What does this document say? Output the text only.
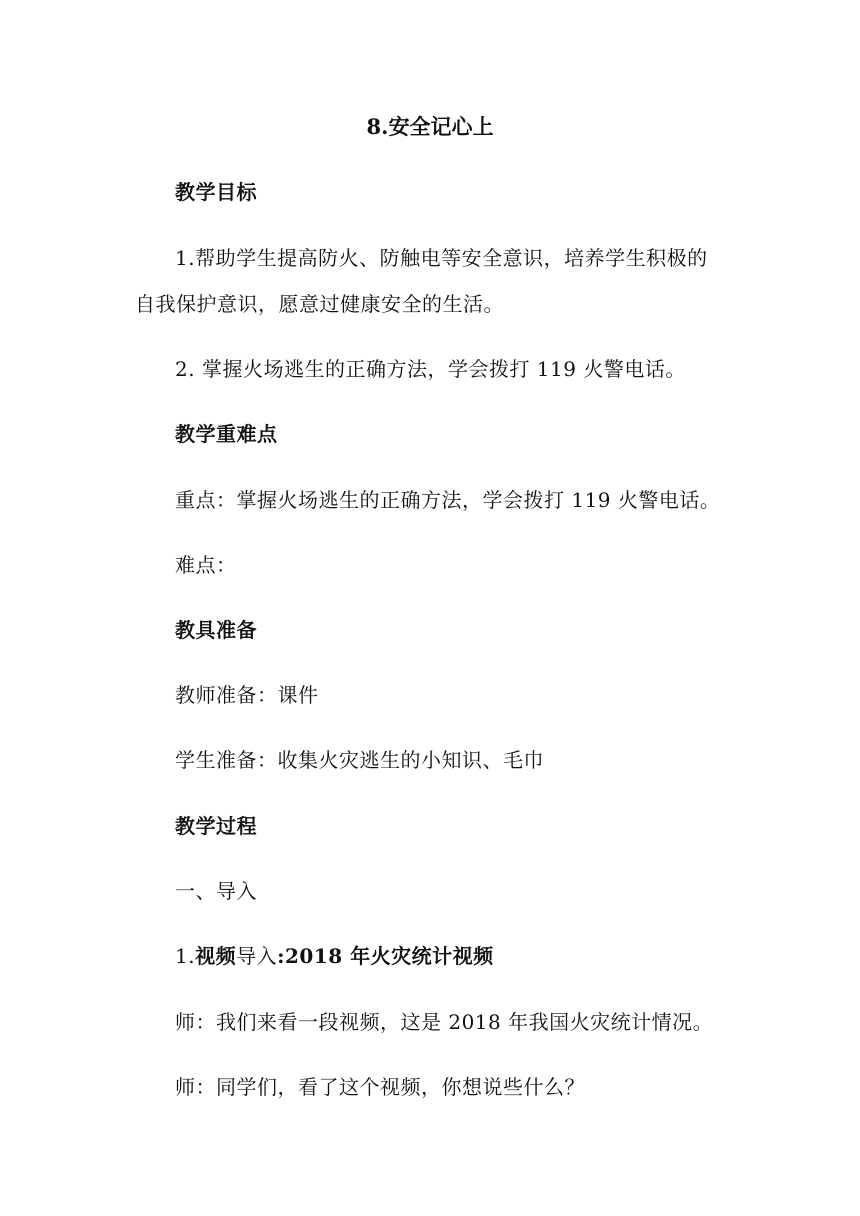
8.安全记心上
教学目标
1.帮助学生提高防火、防触电等安全意识，培养学生积极的
自我保护意识，愿意过健康安全的生活。
2. 掌握火场逃生的正确方法，学会拨打 119 火警电话。
教学重难点
重点：掌握火场逃生的正确方法，学会拨打 119 火警电话。
难点：
教具准备
教师准备：课件
学生准备：收集火灾逃生的小知识、毛巾
教学过程
一、导入
1.视频导入:2018 年火灾统计视频
师：我们来看一段视频，这是 2018 年我国火灾统计情况。
师：同学们，看了这个视频，你想说些什么？
